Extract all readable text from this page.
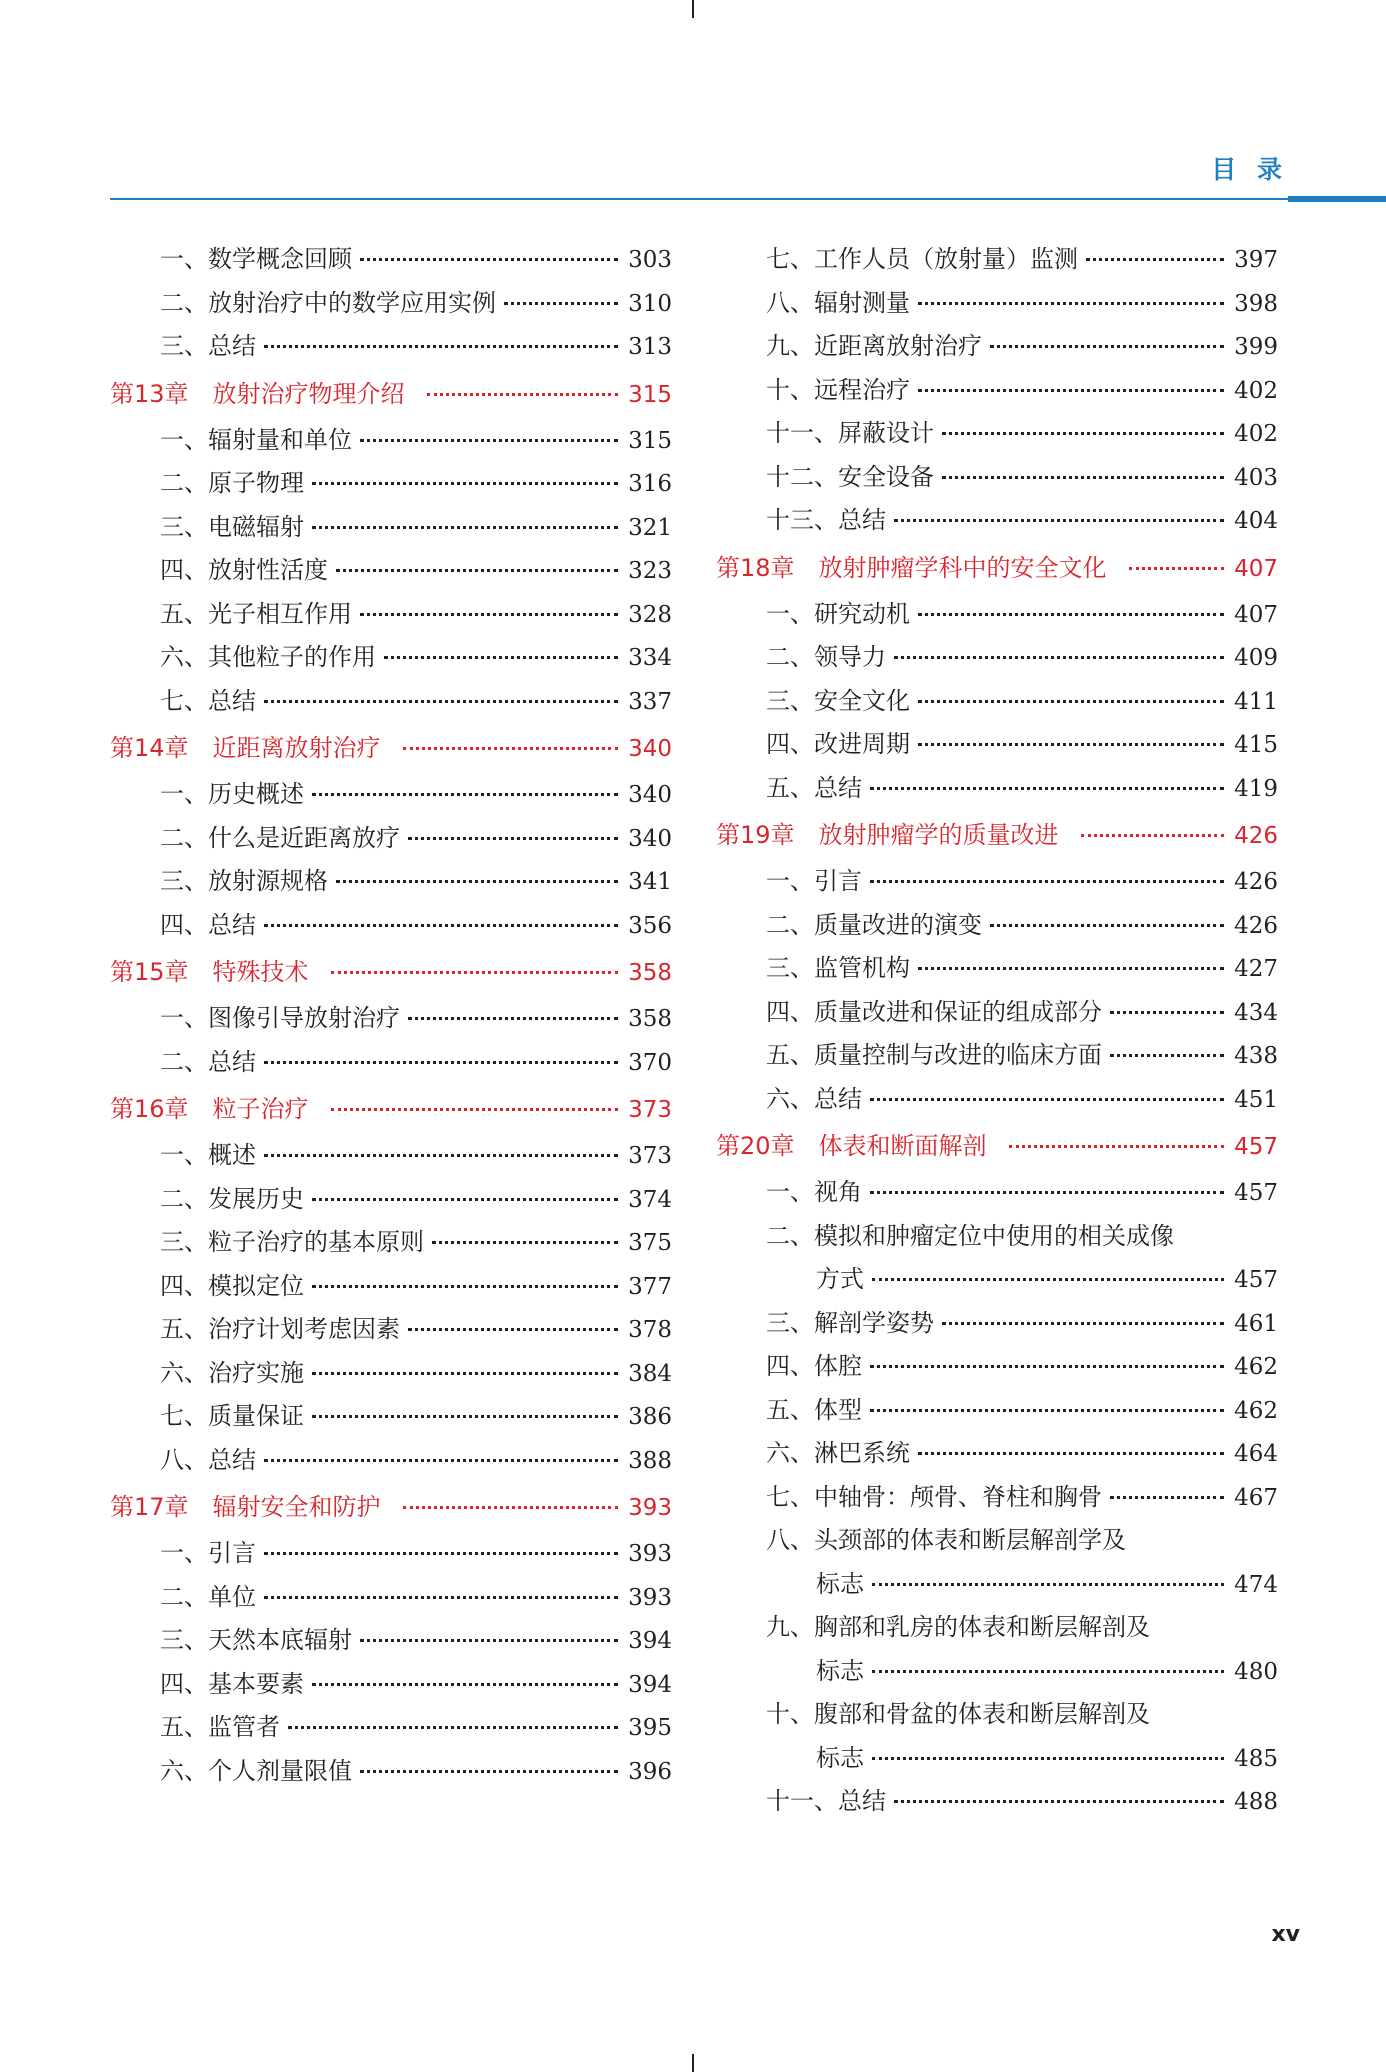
目 录
一、数学概念回顾	303
二、放射治疗中的数学应用实例	310
三、总结	313
第13章 放射治疗物理介绍	315
一、辐射量和单位	315
二、原子物理	316
三、电磁辐射	321
四、放射性活度	323
五、光子相互作用	328
六、其他粒子的作用	334
七、总结	337
第14章 近距离放射治疗	340
一、历史概述	340
二、什么是近距离放疗	340
三、放射源规格	341
四、总结	356
第15章 特殊技术	358
一、图像引导放射治疗	358
二、总结	370
第16章 粒子治疗	373
一、概述	373
二、发展历史	374
三、粒子治疗的基本原则	375
四、模拟定位	377
五、治疗计划考虑因素	378
六、治疗实施	384
七、质量保证	386
八、总结	388
第17章 辐射安全和防护	393
一、引言	393
二、单位	393
三、天然本底辐射	394
四、基本要素	394
五、监管者	395
六、个人剂量限值	396
七、工作人员（放射量）监测	397
八、辐射测量	398
九、近距离放射治疗	399
十、远程治疗	402
十一、屏蔽设计	402
十二、安全设备	403
十三、总结	404
第18章 放射肿瘤学科中的安全文化	407
一、研究动机	407
二、领导力	409
三、安全文化	411
四、改进周期	415
五、总结	419
第19章 放射肿瘤学的质量改进	426
一、引言	426
二、质量改进的演变	426
三、监管机构	427
四、质量改进和保证的组成部分	434
五、质量控制与改进的临床方面	438
六、总结	451
第20章 体表和断面解剖	457
一、视角	457
二、模拟和肿瘤定位中使用的相关成像
方式	457
三、解剖学姿势	461
四、体腔	462
五、体型	462
六、淋巴系统	464
七、中轴骨：颅骨、脊柱和胸骨	467
八、头颈部的体表和断层解剖学及
标志	474
九、胸部和乳房的体表和断层解剖及
标志	480
十、腹部和骨盆的体表和断层解剖及
标志	485
十一、总结	488
xv
